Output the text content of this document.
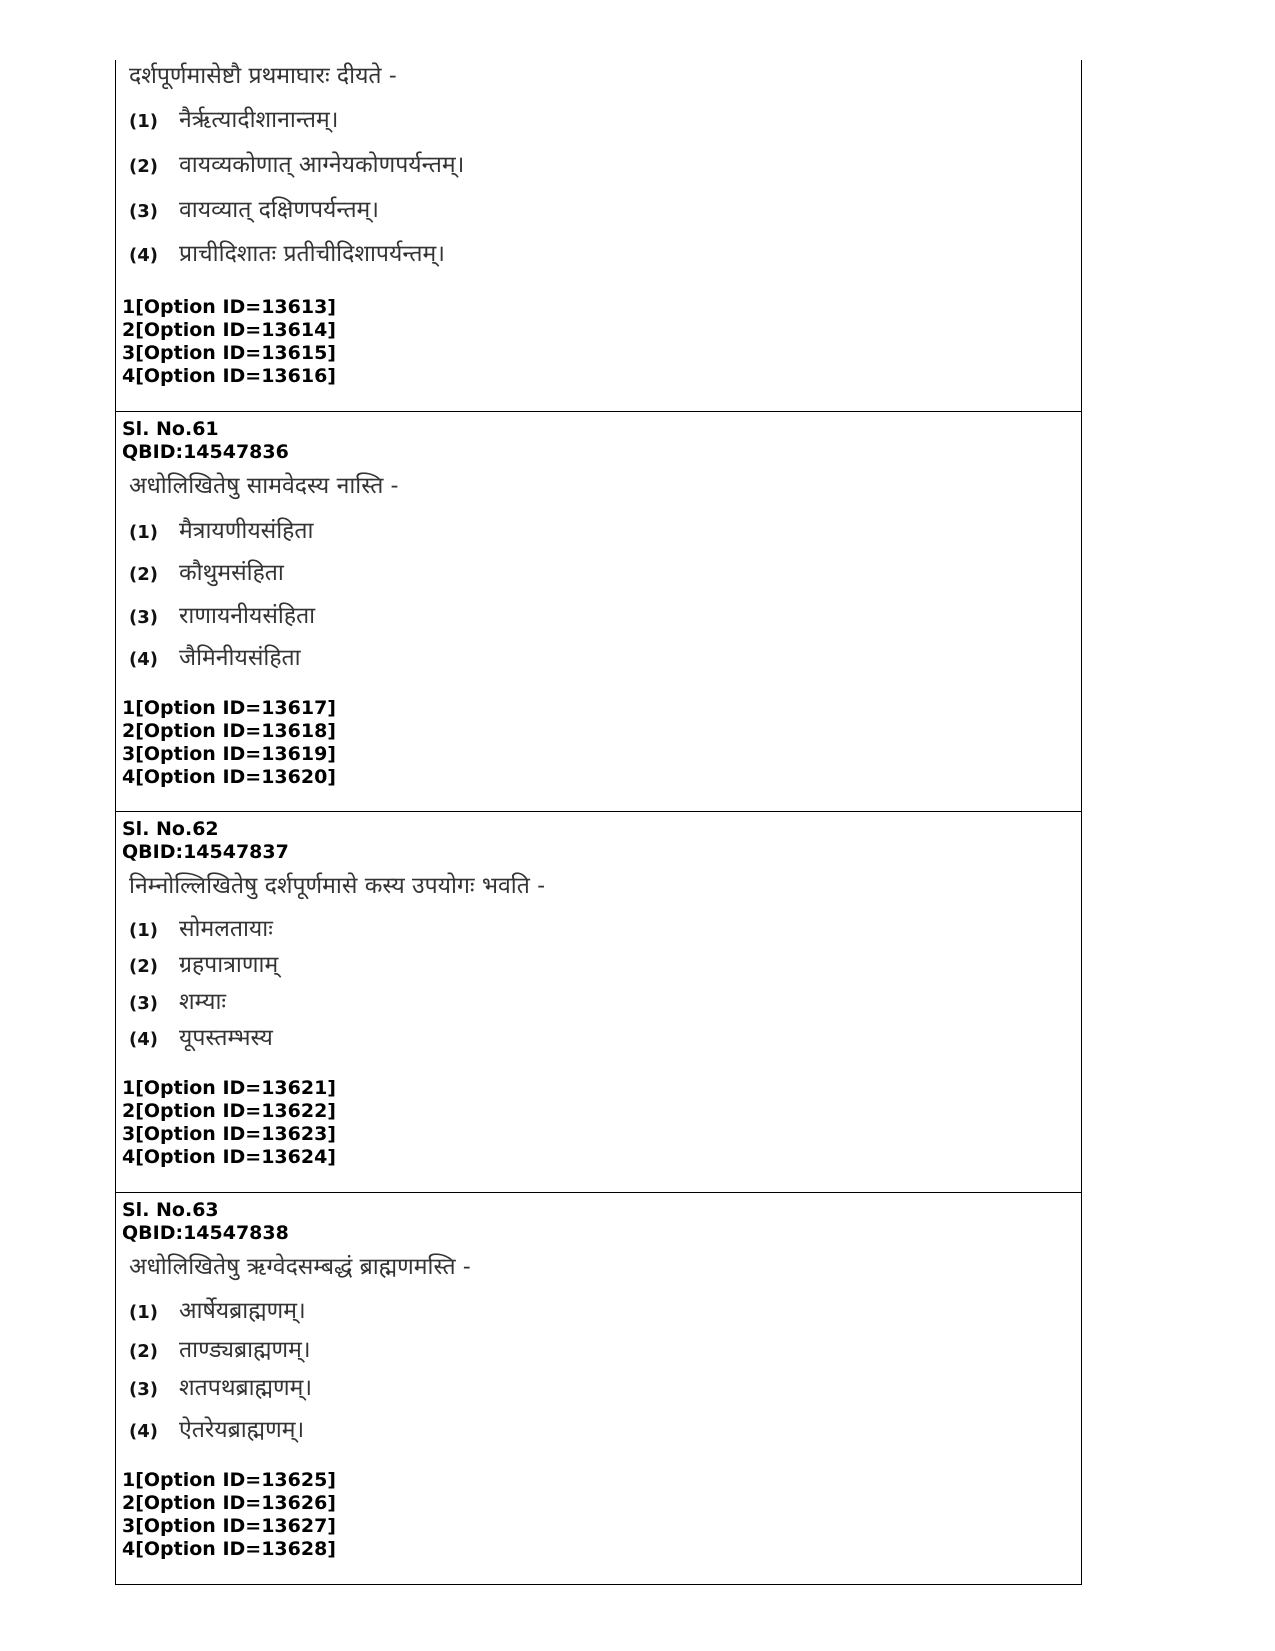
दर्शपूर्णमासेष्टौ प्रथमाघारः दीयते -
(1) नैर्ऋत्यादीशानान्तम्।
(2) वायव्यकोणात् आग्नेयकोणपर्यन्तम्।
(3) वायव्यात् दक्षिणपर्यन्तम्।
(4) प्राचीदिशातः प्रतीचीदिशापर्यन्तम्।
1[Option ID=13613]
2[Option ID=13614]
3[Option ID=13615]
4[Option ID=13616]
Sl. No.61
QBID:14547836
अधोलिखितेषु सामवेदस्य नास्ति -
(1) मैत्रायणीयसंहिता
(2) कौथुमसंहिता
(3) राणायनीयसंहिता
(4) जैमिनीयसंहिता
1[Option ID=13617]
2[Option ID=13618]
3[Option ID=13619]
4[Option ID=13620]
Sl. No.62
QBID:14547837
निम्नोल्लिखितेषु दर्शपूर्णमासे कस्य उपयोगः भवति -
(1) सोमलतायाः
(2) ग्रहपात्राणाम्
(3) शम्याः
(4) यूपस्तम्भस्य
1[Option ID=13621]
2[Option ID=13622]
3[Option ID=13623]
4[Option ID=13624]
Sl. No.63
QBID:14547838
अधोलिखितेषु ऋग्वेदसम्बद्धं ब्राह्मणमस्ति -
(1) आर्षेयब्राह्मणम्।
(2) ताण्ड्यब्राह्मणम्।
(3) शतपथब्राह्मणम्।
(4) ऐतरेयब्राह्मणम्।
1[Option ID=13625]
2[Option ID=13626]
3[Option ID=13627]
4[Option ID=13628]
